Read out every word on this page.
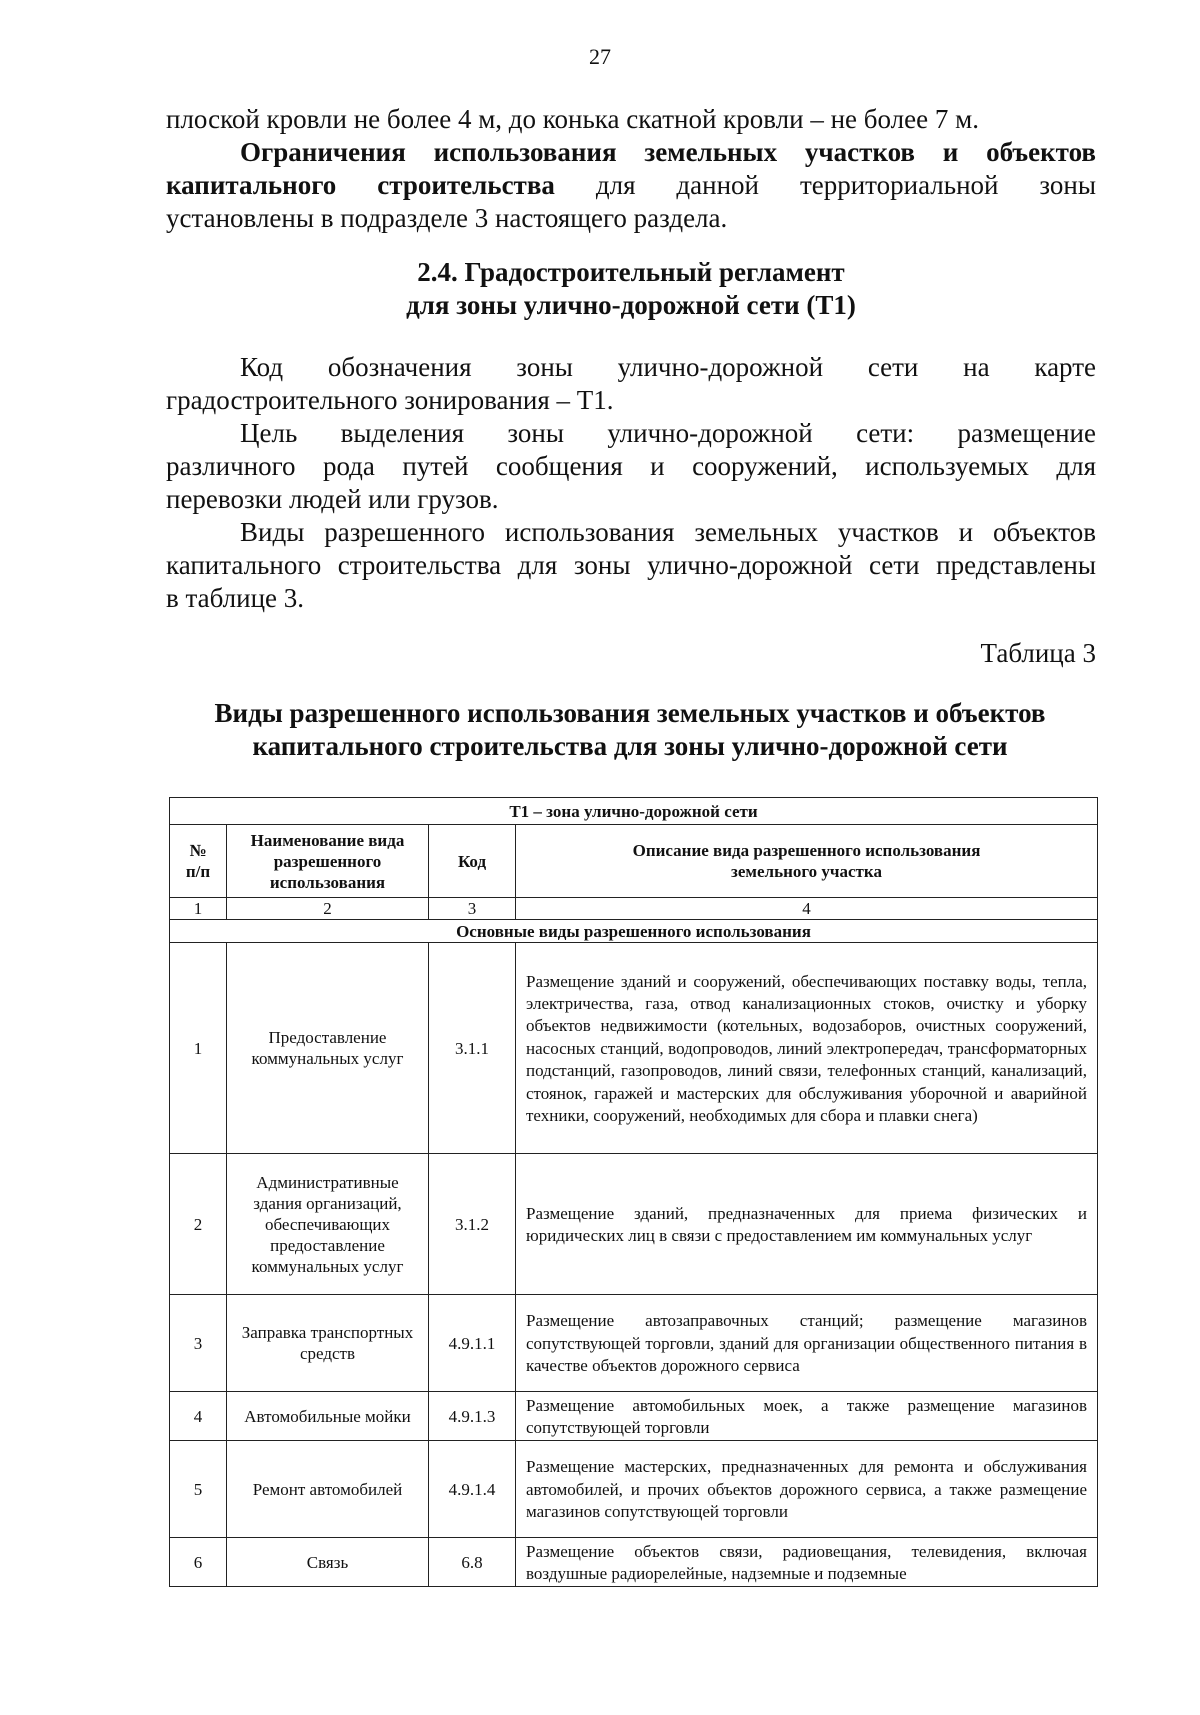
27
плоской кровли не более 4 м, до конька скатной кровли – не более 7 м.
Ограничения использования земельных участков и объектов
капитального строительства для данной территориальной зоны
установлены в подразделе 3 настоящего раздела.
2.4. Градостроительный регламент
для зоны улично-дорожной сети (Т1)
Код обозначения зоны улично-дорожной сети на карте
градостроительного зонирования – Т1.
Цель выделения зоны улично-дорожной сети: размещение
различного рода путей сообщения и сооружений, используемых для
перевозки людей или грузов.
Виды разрешенного использования земельных участков и объектов
капитального строительства для зоны улично-дорожной сети представлены
в таблице 3.
Таблица 3
Виды разрешенного использования земельных участков и объектов
капитального строительства для зоны улично-дорожной сети
Т1 – зона улично-дорожной сети			
№ п/п	Наименование вида разрешенного использования	Код	Описание вида разрешенного использования земельного участка
1	2	3	4
Основные виды разрешенного использования			
1	Предоставление коммунальных услуг	3.1.1	Размещение зданий и сооружений, обеспечивающих поставку воды, тепла, электричества, газа, отвод канализационных стоков, очистку и уборку объектов недвижимости (котельных, водозаборов, очистных сооружений, насосных станций, водопроводов, линий электропередач, трансформаторных подстанций, газопроводов, линий связи, телефонных станций, канализаций, стоянок, гаражей и мастерских для обслуживания уборочной и аварийной техники, сооружений, необходимых для сбора и плавки снега)
2	Административные здания организаций, обеспечивающих предоставление коммунальных услуг	3.1.2	Размещение зданий, предназначенных для приема физических и юридических лиц в связи с предоставлением им коммунальных услуг
3	Заправка транспортных средств	4.9.1.1	Размещение автозаправочных станций; размещение магазинов сопутствующей торговли, зданий для организации общественного питания в качестве объектов дорожного сервиса
4	Автомобильные мойки	4.9.1.3	Размещение автомобильных моек, а также размещение магазинов сопутствующей торговли
5	Ремонт автомобилей	4.9.1.4	Размещение мастерских, предназначенных для ремонта и обслуживания автомобилей, и прочих объектов дорожного сервиса, а также размещение магазинов сопутствующей торговли
6	Связь	6.8	Размещение объектов связи, радиовещания, телевидения, включая воздушные радиорелейные, надземные и подземные
